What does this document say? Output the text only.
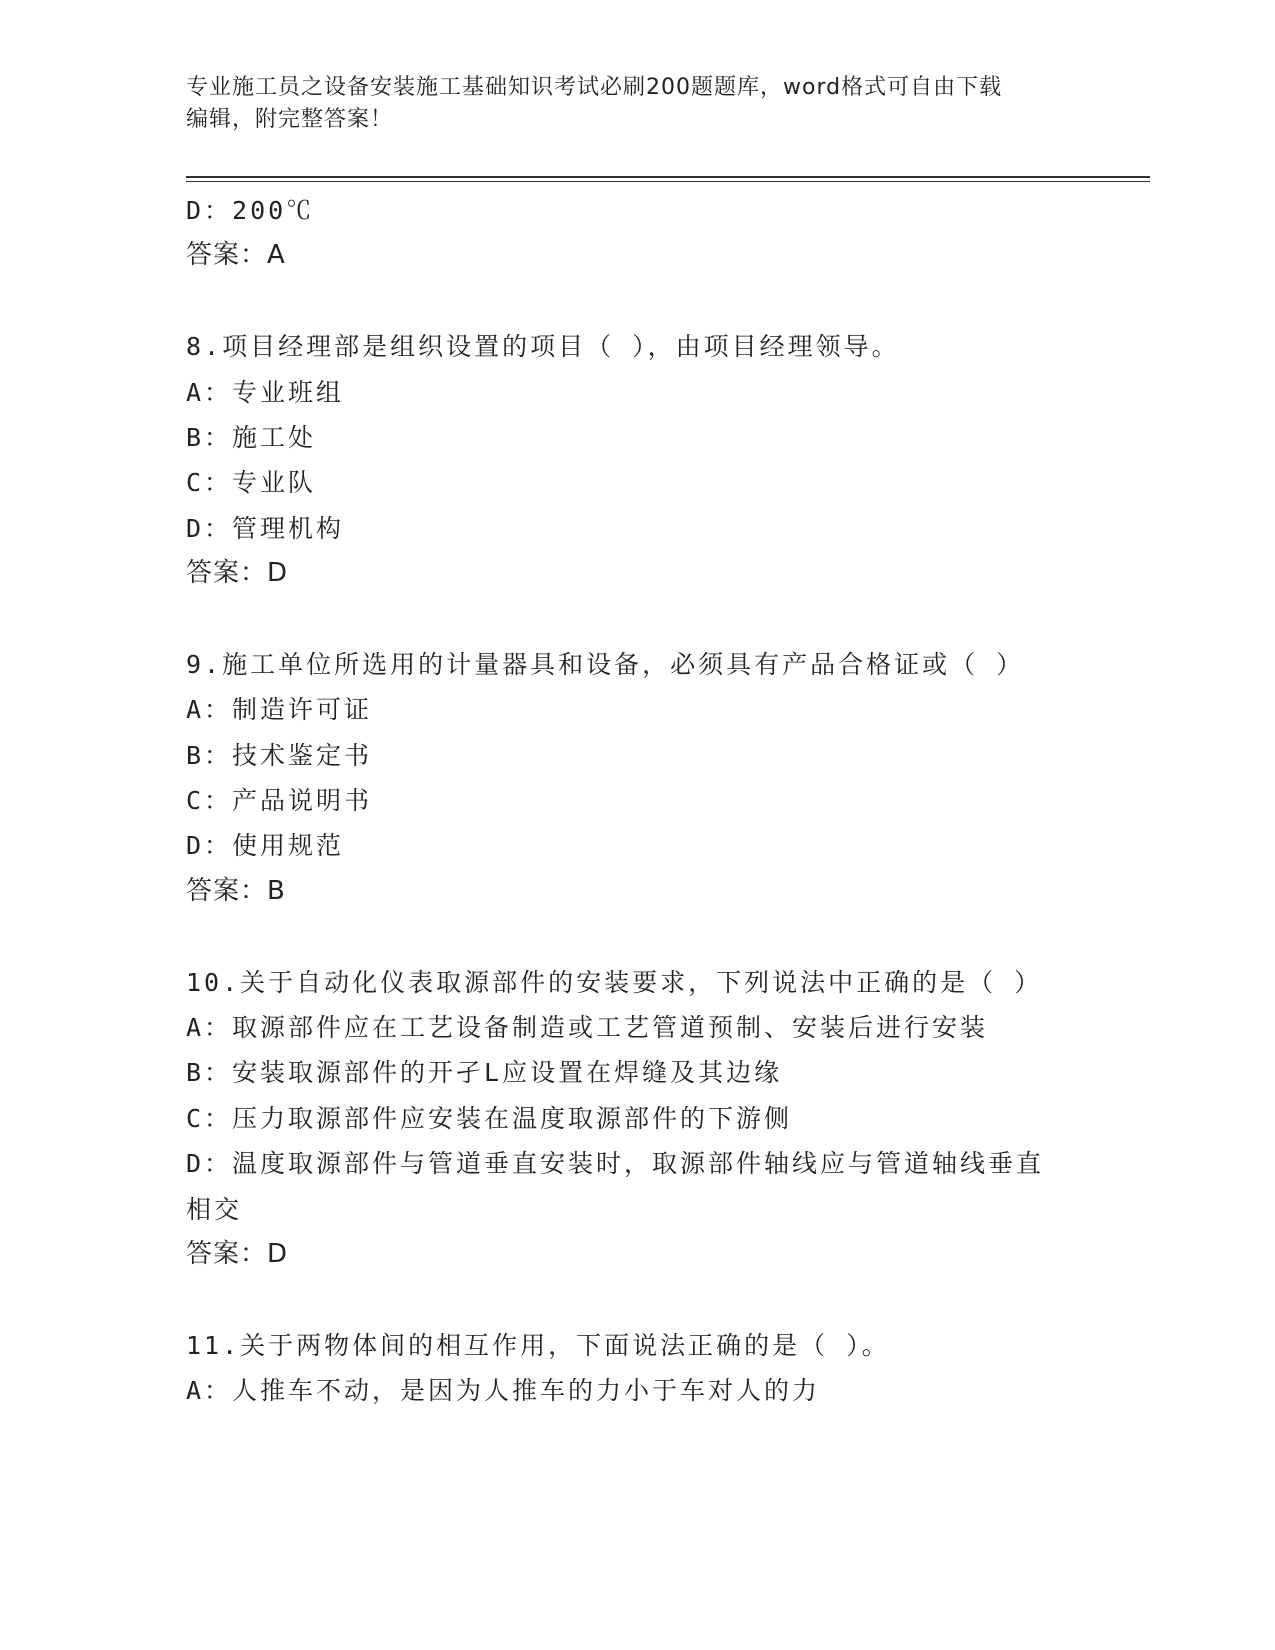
专业施工员之设备安装施工基础知识考试必刷200题题库，word格式可自由下载
编辑，附完整答案！
D：200℃
答案：A
8.项目经理部是组织设置的项目（ ），由项目经理领导。
A：专业班组
B：施工处
C：专业队
D：管理机构
答案：D
9.施工单位所选用的计量器具和设备，必须具有产品合格证或（ ）
A：制造许可证
B：技术鉴定书
C：产品说明书
D：使用规范
答案：B
10.关于自动化仪表取源部件的安装要求，下列说法中正确的是（ ）
A：取源部件应在工艺设备制造或工艺管道预制、安装后进行安装
B：安装取源部件的开孑L应设置在焊缝及其边缘
C：压力取源部件应安装在温度取源部件的下游侧
D：温度取源部件与管道垂直安装时，取源部件轴线应与管道轴线垂直
相交
答案：D
11.关于两物体间的相互作用，下面说法正确的是（ ）。
A：人推车不动，是因为人推车的力小于车对人的力
